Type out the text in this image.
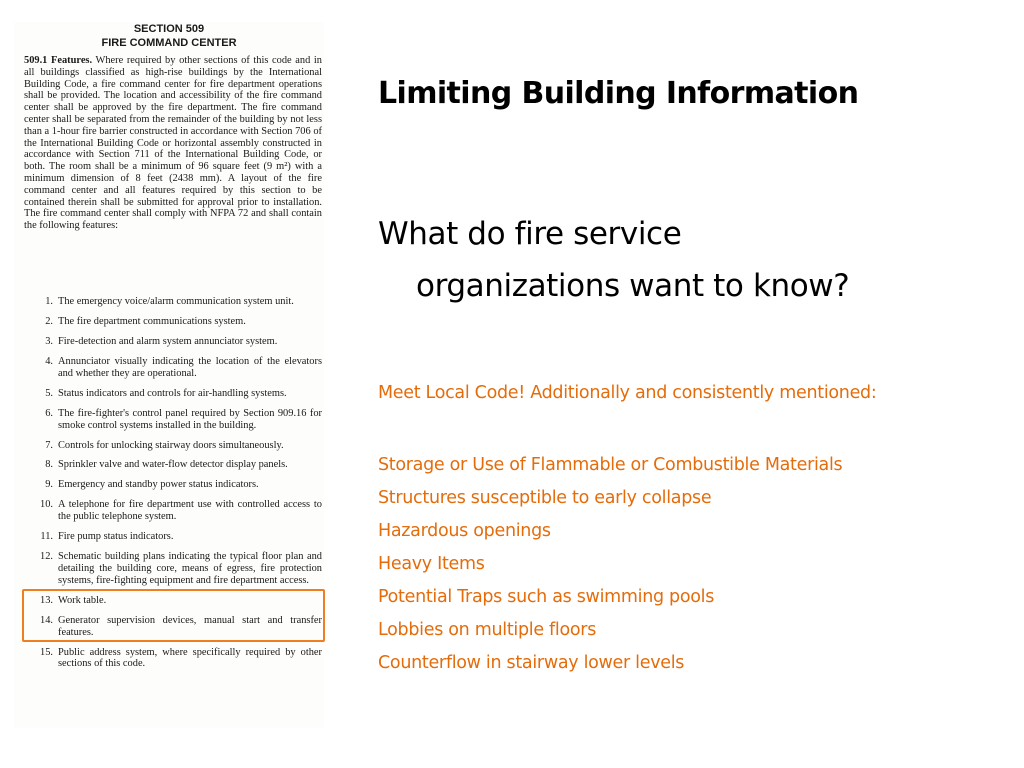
SECTION 509
FIRE COMMAND CENTER

509.1 Features. Where required by other sections of this code and in all buildings classified as high-rise buildings by the International Building Code, a fire command center for fire department operations shall be provided. The location and accessibility of the fire command center shall be approved by the fire department. The fire command center shall be separated from the remainder of the building by not less than a 1-hour fire barrier constructed in accordance with Section 706 of the International Building Code or horizontal assembly constructed in accordance with Section 711 of the International Building Code, or both. The room shall be a minimum of 96 square feet (9 m²) with a minimum dimension of 8 feet (2438 mm). A layout of the fire command center and all features required by this section to be contained therein shall be submitted for approval prior to installation. The fire command center shall comply with NFPA 72 and shall contain the following features:

1. The emergency voice/alarm communication system unit.
2. The fire department communications system.
3. Fire-detection and alarm system annunciator system.
4. Annunciator visually indicating the location of the elevators and whether they are operational.
5. Status indicators and controls for air-handling systems.
6. The fire-fighter's control panel required by Section 909.16 for smoke control systems installed in the building.
7. Controls for unlocking stairway doors simultaneously.
8. Sprinkler valve and water-flow detector display panels.
9. Emergency and standby power status indicators.
10. A telephone for fire department use with controlled access to the public telephone system.
11. Fire pump status indicators.
12. Schematic building plans indicating the typical floor plan and detailing the building core, means of egress, fire protection systems, fire-fighting equipment and fire department access.
13. Work table.
14. Generator supervision devices, manual start and transfer features.
15. Public address system, where specifically required by other sections of this code.
Limiting Building Information

What do fire service
organizations want to know?

Meet Local Code! Additionally and consistently mentioned:

Storage or Use of Flammable or Combustible Materials
Structures susceptible to early collapse
Hazardous openings
Heavy Items
Potential Traps such as swimming pools
Lobbies on multiple floors
Counterflow in stairway lower levels
